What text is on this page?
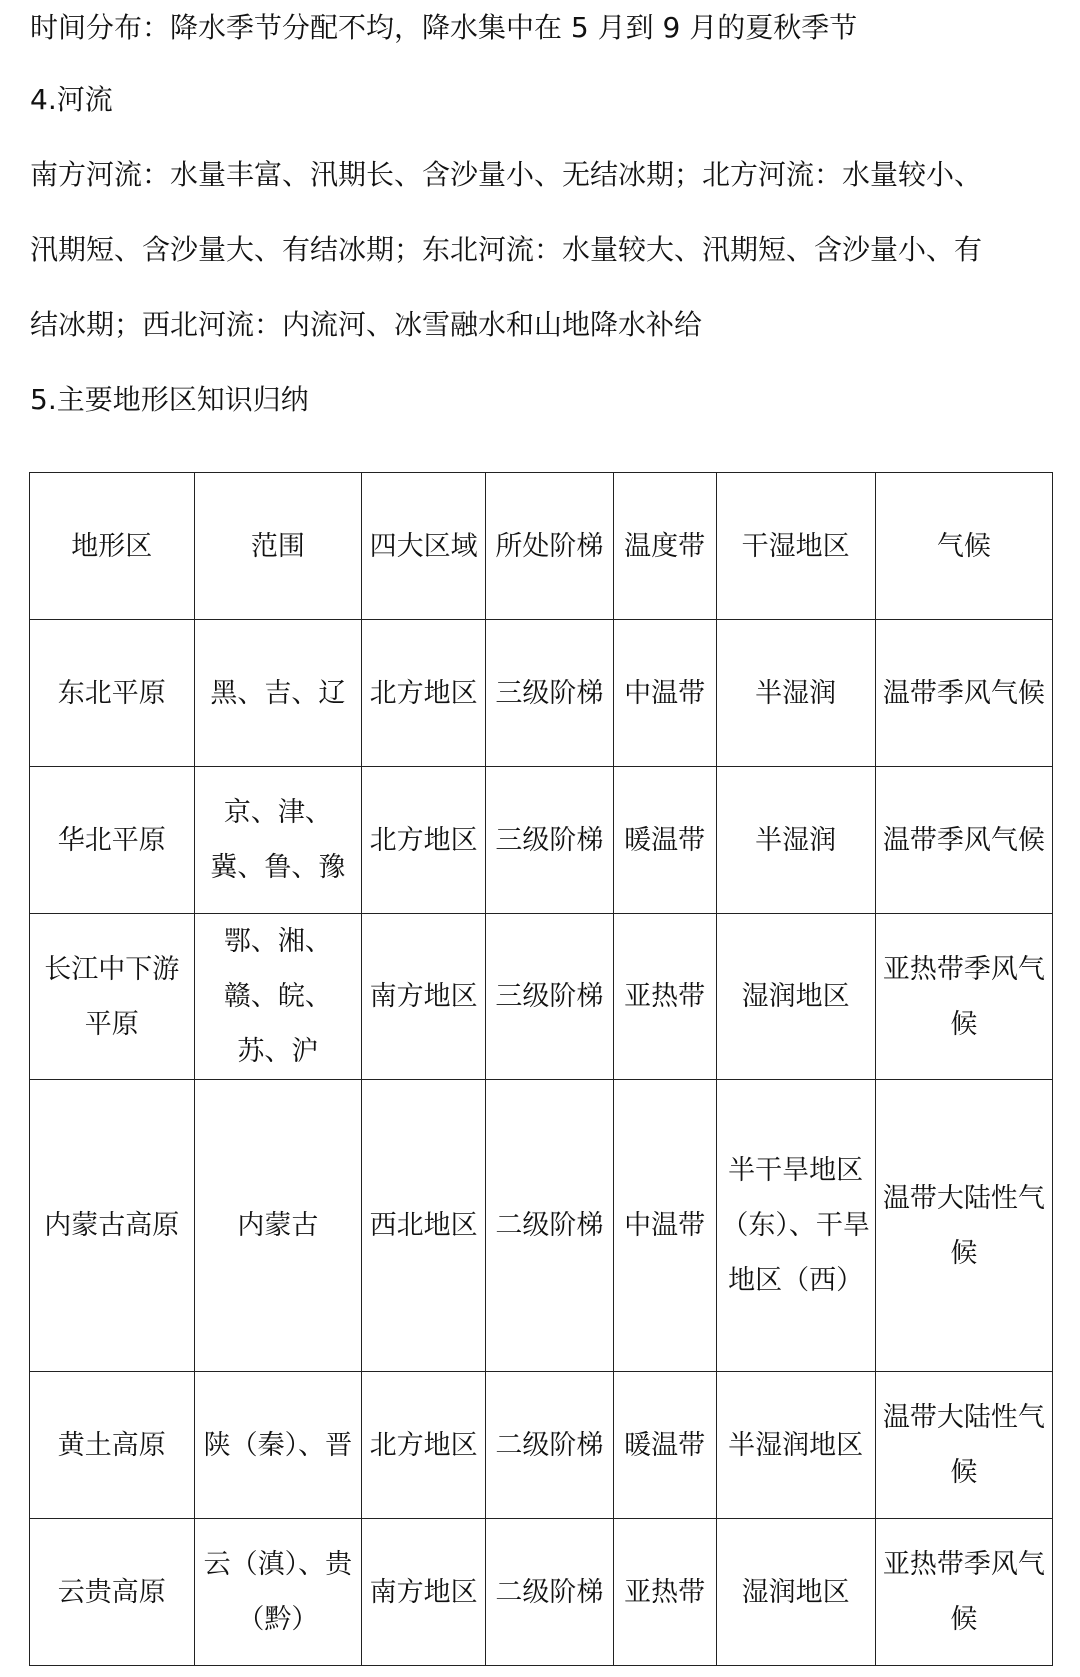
时间分布：降水季节分配不均，降水集中在 5 月到 9 月的夏秋季节
4.河流
南方河流：水量丰富、汛期长、含沙量小、无结冰期；北方河流：水量较小、
汛期短、含沙量大、有结冰期；东北河流：水量较大、汛期短、含沙量小、有
结冰期；西北河流：内流河、冰雪融水和山地降水补给
5.主要地形区知识归纳
地形区	范围	四大区域	所处阶梯	温度带	干湿地区	气候
东北平原	黑、吉、辽	北方地区	三级阶梯	中温带	半湿润	温带季风气候
华北平原	京、津、冀、鲁、豫	北方地区	三级阶梯	暖温带	半湿润	温带季风气候
长江中下游平原	鄂、湘、赣、皖、苏、沪	南方地区	三级阶梯	亚热带	湿润地区	亚热带季风气候
内蒙古高原	内蒙古	西北地区	二级阶梯	中温带	半干旱地区（东）、干旱地区（西）	温带大陆性气候
黄土高原	陕（秦）、晋	北方地区	二级阶梯	暖温带	半湿润地区	温带大陆性气候
云贵高原	云（滇）、贵（黔）	南方地区	二级阶梯	亚热带	湿润地区	亚热带季风气候
